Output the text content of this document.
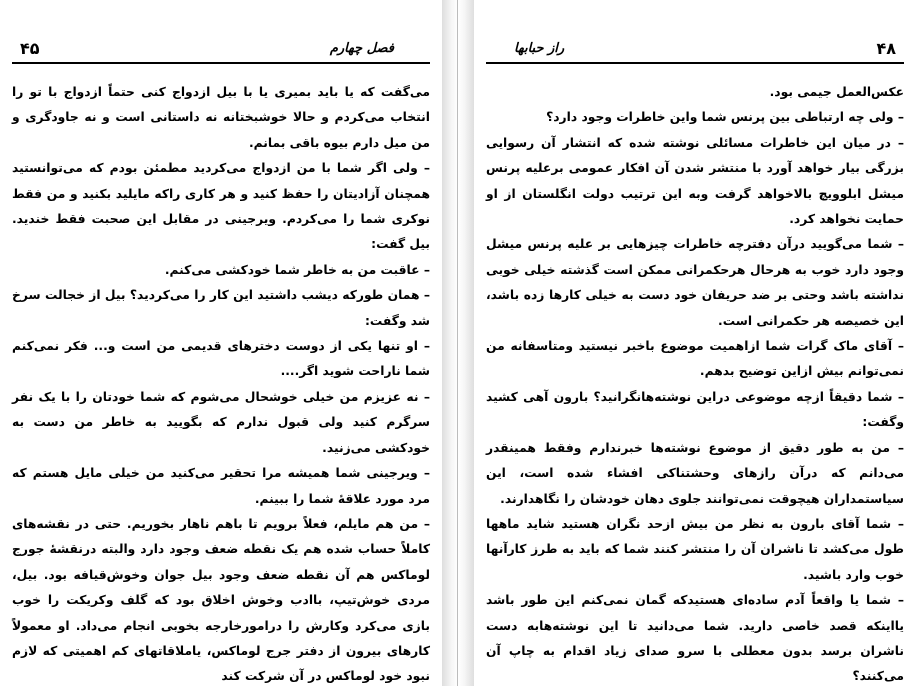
۴۵	فصل چهارم

می‌گفت که یا باید بمیری یا با بیل ازدواج کنی حتماً ازدواج با تو را انتخاب می‌کردم و حالا خوشبختانه نه داستانی است و نه جاودگری و من میل دارم بیوه باقی بمانم.

– ولی اگر شما با من ازدواج می‌کردید مطمئن بودم که می‌توانستید همچنان آزادیتان را حفظ کنید و هر کاری راکه مایلید بکنید و من فقط نوکری شما را می‌کردم. ویرجینی در مقابل این صحبت فقط خندید. بیل گفت:

– عاقبت من به خاطر شما خودکشی می‌کنم.

– همان طورکه دیشب داشتید این کار را می‌کردید؟ بیل از خجالت سرخ شد وگفت:

– او تنها یکی از دوست دخترهای قدیمی من است و... فکر نمی‌کنم شما ناراحت شوید اگر....

– نه عزیزم من خیلی خوشحال می‌شوم که شما خودتان را با یک نفر سرگرم کنید ولی قبول ندارم که بگویید به خاطر من دست به خودکشی می‌زنید.

– ویرجینی شما همیشه مرا تحقیر می‌کنید من خیلی مایل هستم که مرد مورد علاقهٔ شما را ببینم.

– من هم مایلم، فعلاً برویم تا باهم ناهار بخوریم. حتی در نقشه‌های کاملاً حساب شده هم یک نقطه ضعف وجود دارد والبته درنقشهٔ جورج لوماکس هم آن نقطه ضعف وجود بیل جوان وخوش‌قیافه بود. بیل، مردی خوش‌تیپ، باادب وخوش اخلاق بود که گلف وکریکت را خوب بازی می‌کرد وکارش را درامورخارجه بخوبی انجام می‌داد. او معمولاً کارهای بیرون از دفتر جرج لوماکس، یاملاقاتهای کم اهمیتی که لازم نبود خود لوماکس در آن شرکت کند

راز حبابها	۴۸

عکس‌العمل جیمی بود.

– ولی چه ارتباطی بین پرنس شما واین خاطرات وجود دارد؟

– در میان این خاطرات مسائلی نوشته شده که انتشار آن رسوایی بزرگی بیار خواهد آورد با منتشر شدن آن افکار عمومی برعلیه پرنس میشل ابلوویچ بالاخواهد گرفت وبه این ترتیب دولت انگلستان از او حمایت نخواهد کرد.

– شما می‌گویید درآن دفترچه خاطرات چیزهایی بر علیه پرنس میشل وجود دارد خوب به هرحال هرحکمرانی ممکن است گذشته خیلی خوبی نداشته باشد وحتی بر ضد حریفان خود دست به خیلی کارها زده باشد، این خصیصه هر حکمرانی است.

– آقای ماک گرات شما ازاهمیت موضوع باخبر نیستید ومتاسفانه من نمی‌توانم بیش ازاین توضیح بدهم.

– شما دقیقاً ازچه موضوعی دراین نوشته‌هانگرانید؟ بارون آهی کشید وگفت:

– من به طور دقیق از موضوع نوشته‌ها خبرندارم وفقط همینقدر می‌دانم که درآن رازهای وحشتناکی افشاء شده است، این سیاستمداران هیچوقت نمی‌توانند جلوی دهان خودشان را نگاهدارند.

– شما آقای بارون به نظر من بیش ازحد نگران هستید شاید ماهها طول می‌کشد تا ناشران آن را منتشر کنند شما که باید به طرز کارآنها خوب وارد باشید.

– شما یا واقعاً آدم ساده‌ای هستیدکه گمان نمی‌کنم این طور باشد یااینکه قصد خاصی دارید. شما می‌دانید تا این نوشته‌هابه دست ناشران برسد بدون معطلی با سرو صدای زیاد اقدام به چاپ آن می‌کنند؟
